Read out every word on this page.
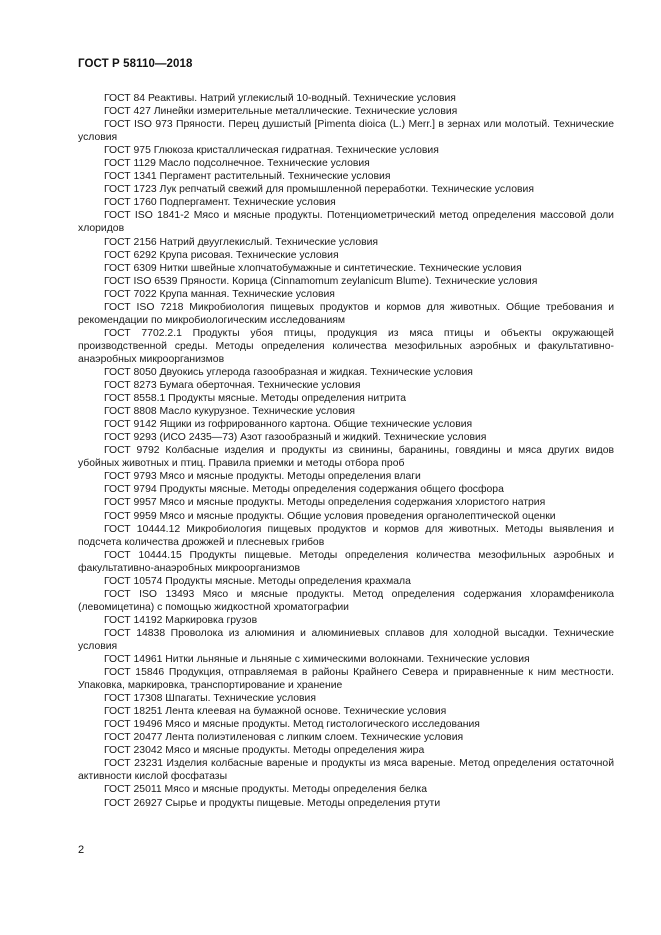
ГОСТ Р 58110—2018

ГОСТ 84 Реактивы. Натрий углекислый 10-водный. Технические условия

ГОСТ 427 Линейки измерительные металлические. Технические условия

ГОСТ ISO 973 Пряности. Перец душистый [Pimenta dioica (L.) Merr.] в зернах или молотый. Технические условия

ГОСТ 975 Глюкоза кристаллическая гидратная. Технические условия

ГОСТ 1129 Масло подсолнечное. Технические условия

ГОСТ 1341 Пергамент растительный. Технические условия

ГОСТ 1723 Лук репчатый свежий для промышленной переработки. Технические условия

ГОСТ 1760 Подпергамент. Технические условия

ГОСТ ISO 1841-2 Мясо и мясные продукты. Потенциометрический метод определения массовой доли хлоридов

ГОСТ 2156 Натрий двууглекислый. Технические условия

ГОСТ 6292 Крупа рисовая. Технические условия

ГОСТ 6309 Нитки швейные хлопчатобумажные и синтетические. Технические условия

ГОСТ ISO 6539 Пряности. Корица (Cinnamomum zeylanicum Blume). Технические условия

ГОСТ 7022 Крупа манная. Технические условия

ГОСТ ISO 7218 Микробиология пищевых продуктов и кормов для животных. Общие требования и рекомендации по микробиологическим исследованиям

ГОСТ 7702.2.1 Продукты убоя птицы, продукция из мяса птицы и объекты окружающей производственной среды. Методы определения количества мезофильных аэробных и факультативно-анаэробных микроорганизмов

ГОСТ 8050 Двуокись углерода газообразная и жидкая. Технические условия

ГОСТ 8273 Бумага оберточная. Технические условия

ГОСТ 8558.1 Продукты мясные. Методы определения нитрита

ГОСТ 8808 Масло кукурузное. Технические условия

ГОСТ 9142 Ящики из гофрированного картона. Общие технические условия

ГОСТ 9293 (ИСО 2435—73) Азот газообразный и жидкий. Технические условия

ГОСТ 9792 Колбасные изделия и продукты из свинины, баранины, говядины и мяса других видов убойных животных и птиц. Правила приемки и методы отбора проб

ГОСТ 9793 Мясо и мясные продукты. Методы определения влаги

ГОСТ 9794 Продукты мясные. Методы определения содержания общего фосфора

ГОСТ 9957 Мясо и мясные продукты. Методы определения содержания хлористого натрия

ГОСТ 9959 Мясо и мясные продукты. Общие условия проведения органолептической оценки

ГОСТ 10444.12 Микробиология пищевых продуктов и кормов для животных. Методы выявления и подсчета количества дрожжей и плесневых грибов

ГОСТ 10444.15 Продукты пищевые. Методы определения количества мезофильных аэробных и факультативно-анаэробных микроорганизмов

ГОСТ 10574 Продукты мясные. Методы определения крахмала

ГОСТ ISO 13493 Мясо и мясные продукты. Метод определения содержания хлорамфеникола (левомицетина) с помощью жидкостной хроматографии

ГОСТ 14192 Маркировка грузов

ГОСТ 14838 Проволока из алюминия и алюминиевых сплавов для холодной высадки. Технические условия

ГОСТ 14961 Нитки льняные и льняные с химическими волокнами. Технические условия

ГОСТ 15846 Продукция, отправляемая в районы Крайнего Севера и приравненные к ним местности. Упаковка, маркировка, транспортирование и хранение

ГОСТ 17308 Шпагаты. Технические условия

ГОСТ 18251 Лента клеевая на бумажной основе. Технические условия

ГОСТ 19496 Мясо и мясные продукты. Метод гистологического исследования

ГОСТ 20477 Лента полиэтиленовая с липким слоем. Технические условия

ГОСТ 23042 Мясо и мясные продукты. Методы определения жира

ГОСТ 23231 Изделия колбасные вареные и продукты из мяса вареные. Метод определения остаточной активности кислой фосфатазы

ГОСТ 25011 Мясо и мясные продукты. Методы определения белка

ГОСТ 26927 Сырье и продукты пищевые. Методы определения ртути

2
